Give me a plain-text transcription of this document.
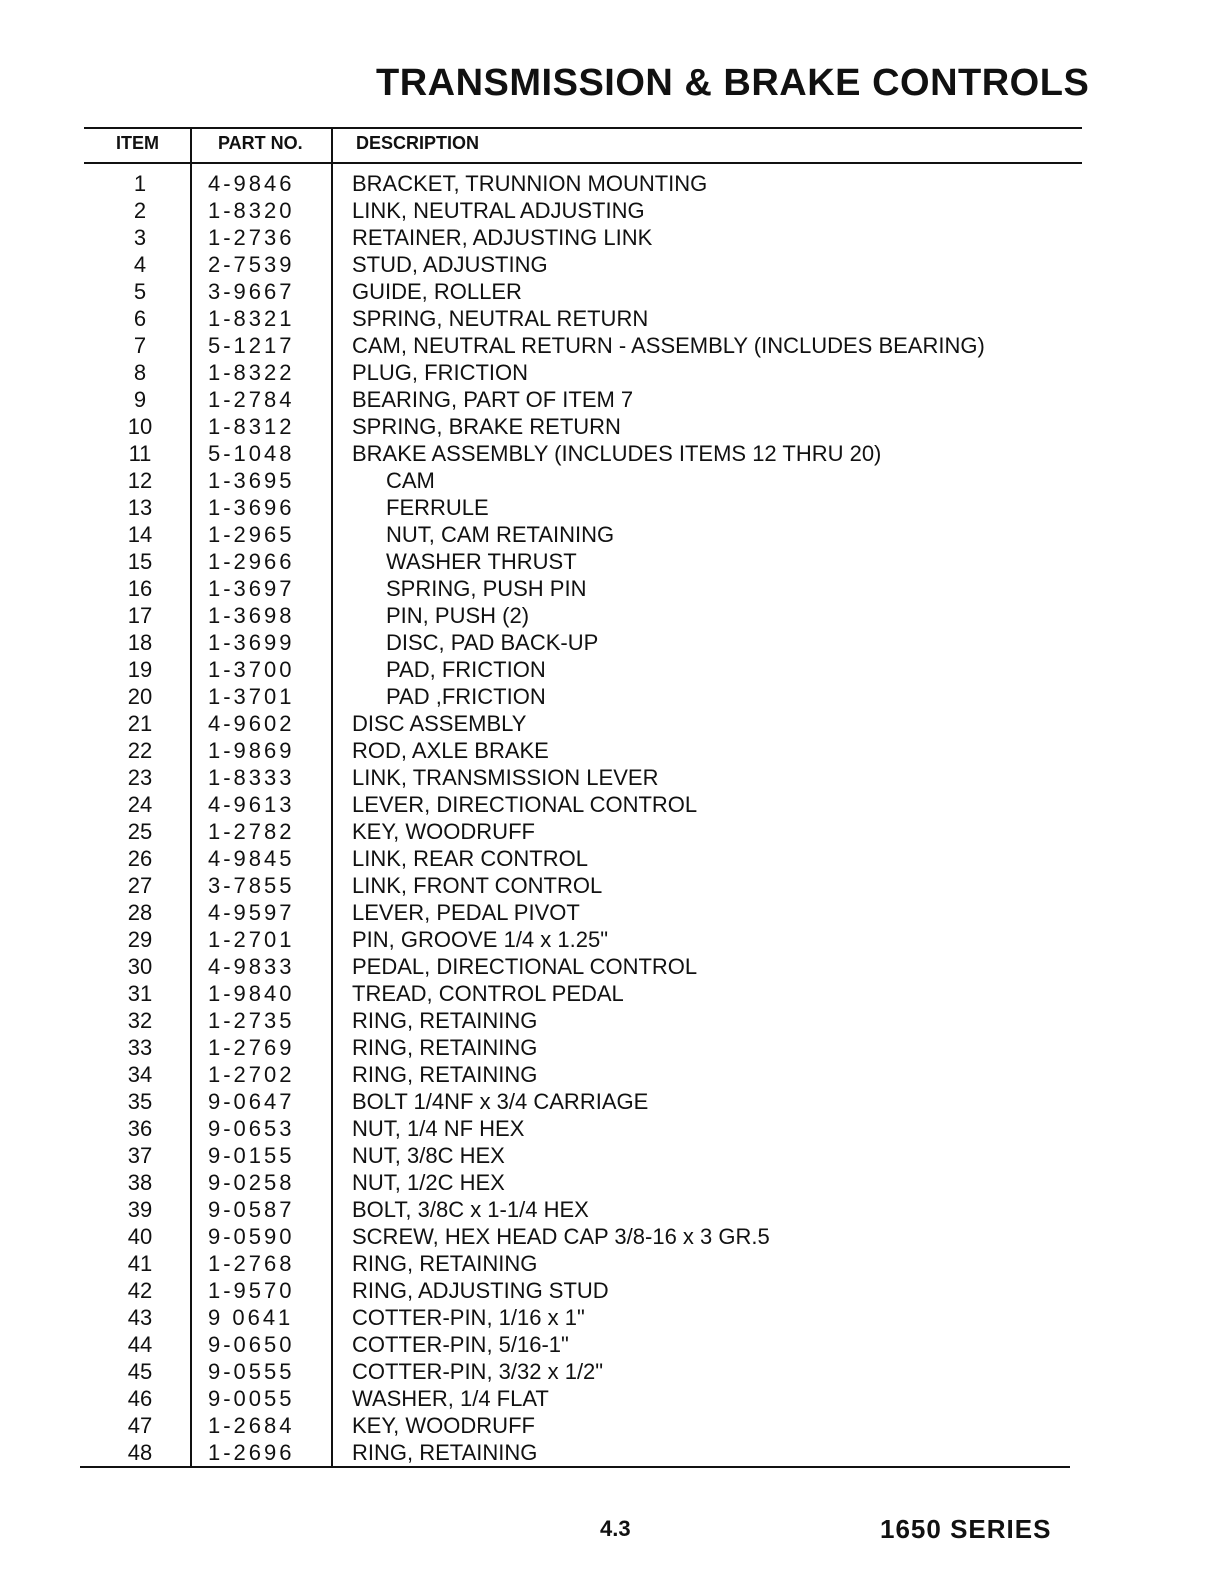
TRANSMISSION & BRAKE CONTROLS
ITEM	PART NO.	DESCRIPTION
1	4-9846	BRACKET, TRUNNION MOUNTING
2	1-8320	LINK, NEUTRAL ADJUSTING
3	1-2736	RETAINER, ADJUSTING LINK
4	2-7539	STUD, ADJUSTING
5	3-9667	GUIDE, ROLLER
6	1-8321	SPRING, NEUTRAL RETURN
7	5-1217	CAM, NEUTRAL RETURN - ASSEMBLY (INCLUDES BEARING)
8	1-8322	PLUG, FRICTION
9	1-2784	BEARING, PART OF ITEM 7
10	1-8312	SPRING, BRAKE RETURN
11	5-1048	BRAKE ASSEMBLY (INCLUDES ITEMS 12 THRU 20)
12	1-3695	CAM
13	1-3696	FERRULE
14	1-2965	NUT, CAM RETAINING
15	1-2966	WASHER THRUST
16	1-3697	SPRING, PUSH PIN
17	1-3698	PIN, PUSH (2)
18	1-3699	DISC, PAD BACK-UP
19	1-3700	PAD, FRICTION
20	1-3701	PAD ,FRICTION
21	4-9602	DISC ASSEMBLY
22	1-9869	ROD, AXLE BRAKE
23	1-8333	LINK, TRANSMISSION LEVER
24	4-9613	LEVER, DIRECTIONAL CONTROL
25	1-2782	KEY, WOODRUFF
26	4-9845	LINK, REAR CONTROL
27	3-7855	LINK, FRONT CONTROL
28	4-9597	LEVER, PEDAL PIVOT
29	1-2701	PIN, GROOVE 1/4 x 1.25"
30	4-9833	PEDAL, DIRECTIONAL CONTROL
31	1-9840	TREAD, CONTROL PEDAL
32	1-2735	RING, RETAINING
33	1-2769	RING, RETAINING
34	1-2702	RING, RETAINING
35	9-0647	BOLT 1/4NF x 3/4 CARRIAGE
36	9-0653	NUT, 1/4 NF HEX
37	9-0155	NUT, 3/8C HEX
38	9-0258	NUT, 1/2C HEX
39	9-0587	BOLT, 3/8C x 1-1/4 HEX
40	9-0590	SCREW, HEX HEAD CAP 3/8-16 x 3 GR.5
41	1-2768	RING, RETAINING
42	1-9570	RING, ADJUSTING STUD
43	9 0641	COTTER-PIN, 1/16 x 1"
44	9-0650	COTTER-PIN, 5/16-1"
45	9-0555	COTTER-PIN, 3/32 x 1/2"
46	9-0055	WASHER, 1/4 FLAT
47	1-2684	KEY, WOODRUFF
48	1-2696	RING, RETAINING
4.3	1650 SERIES
